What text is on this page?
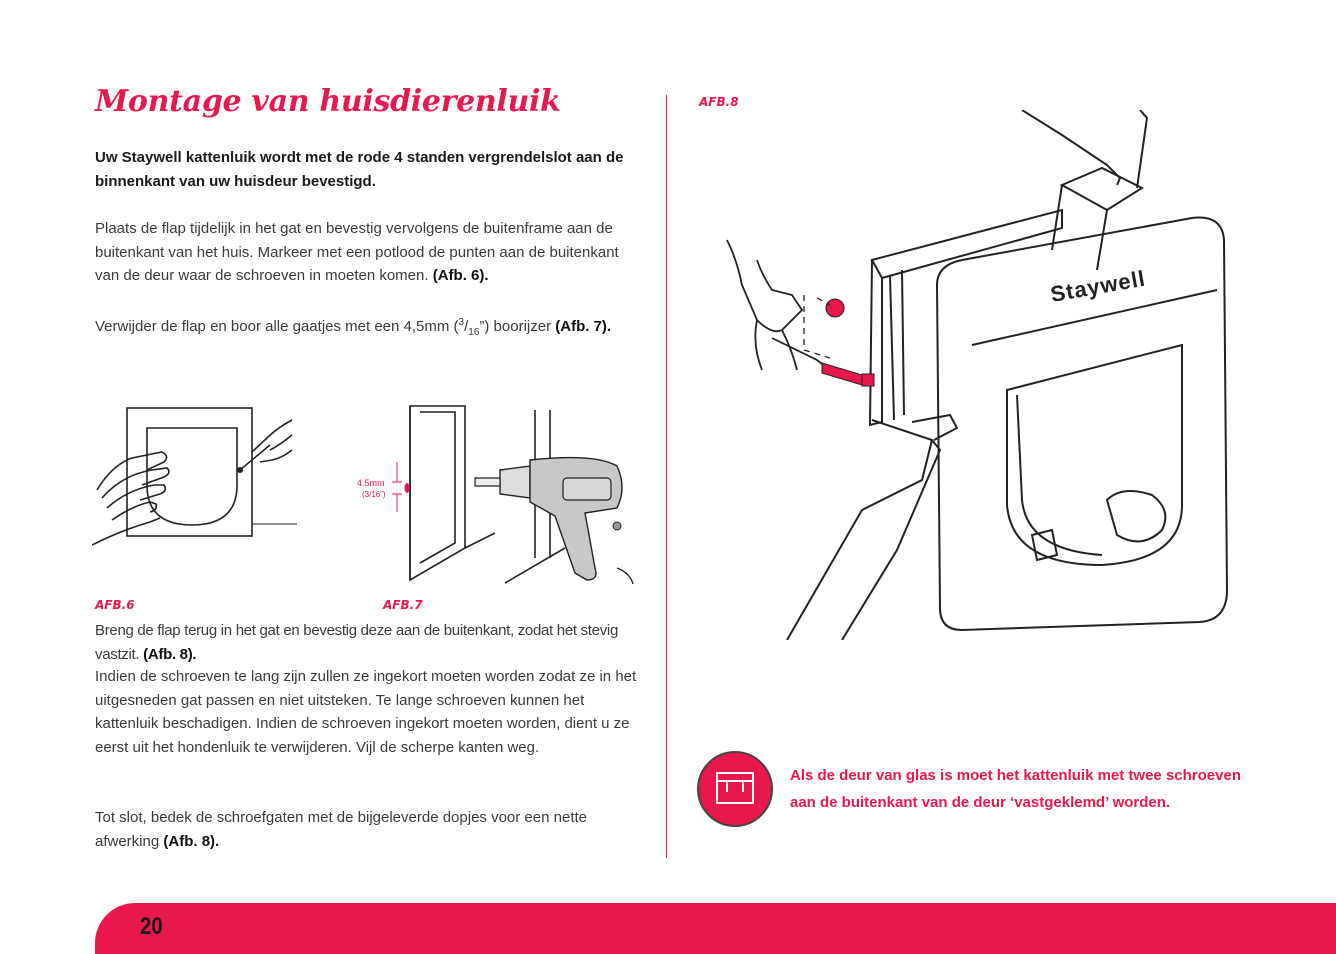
Montage van huisdierenluik
Uw Staywell kattenluik wordt met de rode 4 standen vergrendelslot aan de binnenkant van uw huisdeur bevestigd.
Plaats de flap tijdelijk in het gat en bevestig vervolgens de buitenframe aan de buitenkant van het huis. Markeer met een potlood de punten aan de buitenkant van de deur waar de schroeven in moeten komen. (Afb. 6).
Verwijder de flap en boor alle gaatjes met een 4,5mm $(^3/_{16}”)$ boorijzer (Afb. 7).
4.5mm
(3/16”)
AFB.6	AFB.7
Breng de flap terug in het gat en bevestig deze aan de buitenkant, zodat het stevig vastzit. (Afb. 8).
Indien de schroeven te lang zijn zullen ze ingekort moeten worden zodat ze in het uitgesneden gat passen en niet uitsteken. Te lange schroeven kunnen het kattenluik beschadigen. Indien de schroeven ingekort moeten worden, dient u ze eerst uit het hondenluik te verwijderen. Vijl de scherpe kanten weg.
Tot slot, bedek de schroefgaten met de bijgeleverde dopjes voor een nette afwerking (Afb. 8).
AFB.8
Staywell
Als de deur van glas is moet het kattenluik met twee schroeven aan de buitenkant van de deur ‘vastgeklemd’ worden.
20
